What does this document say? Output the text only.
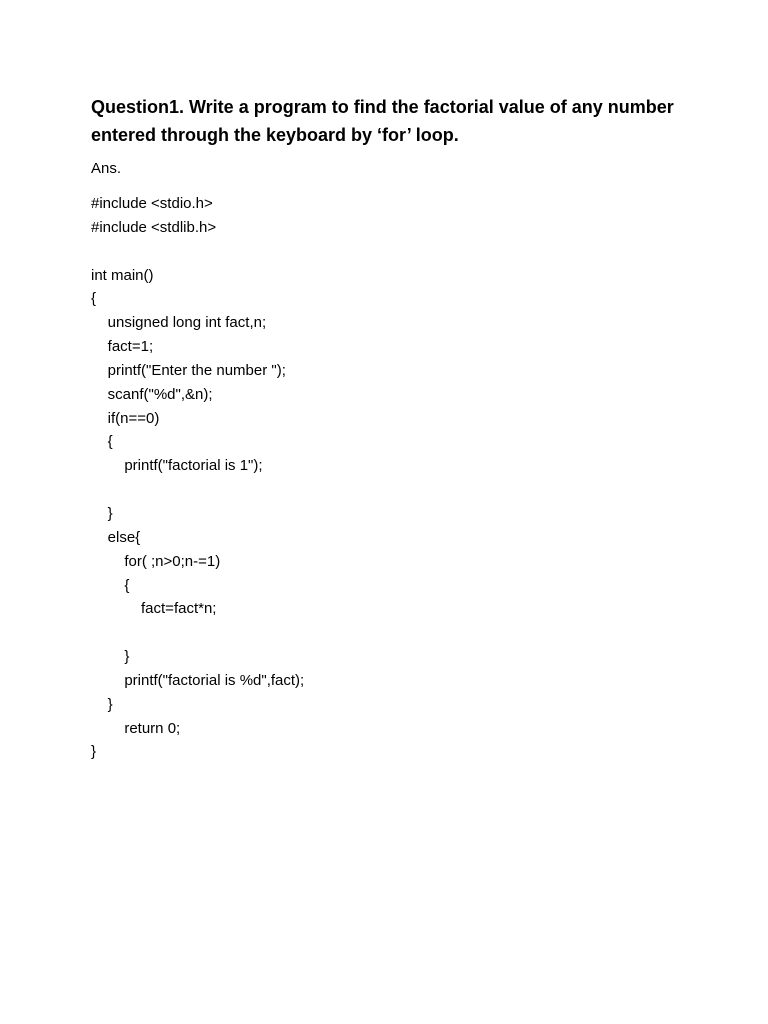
Question1. Write a program to find the factorial value of any number entered through the keyboard by ‘for’ loop.

Ans.

#include <stdio.h>
#include <stdlib.h>
int main()
{
unsigned long int fact,n;
fact=1;
printf("Enter the number ");
scanf("%d",&n);
if(n==0)
{
printf("factorial is 1");
}
else{
for( ;n>0;n-=1)
{
fact=fact*n;
}
printf("factorial is %d",fact);
}
return 0;
}
